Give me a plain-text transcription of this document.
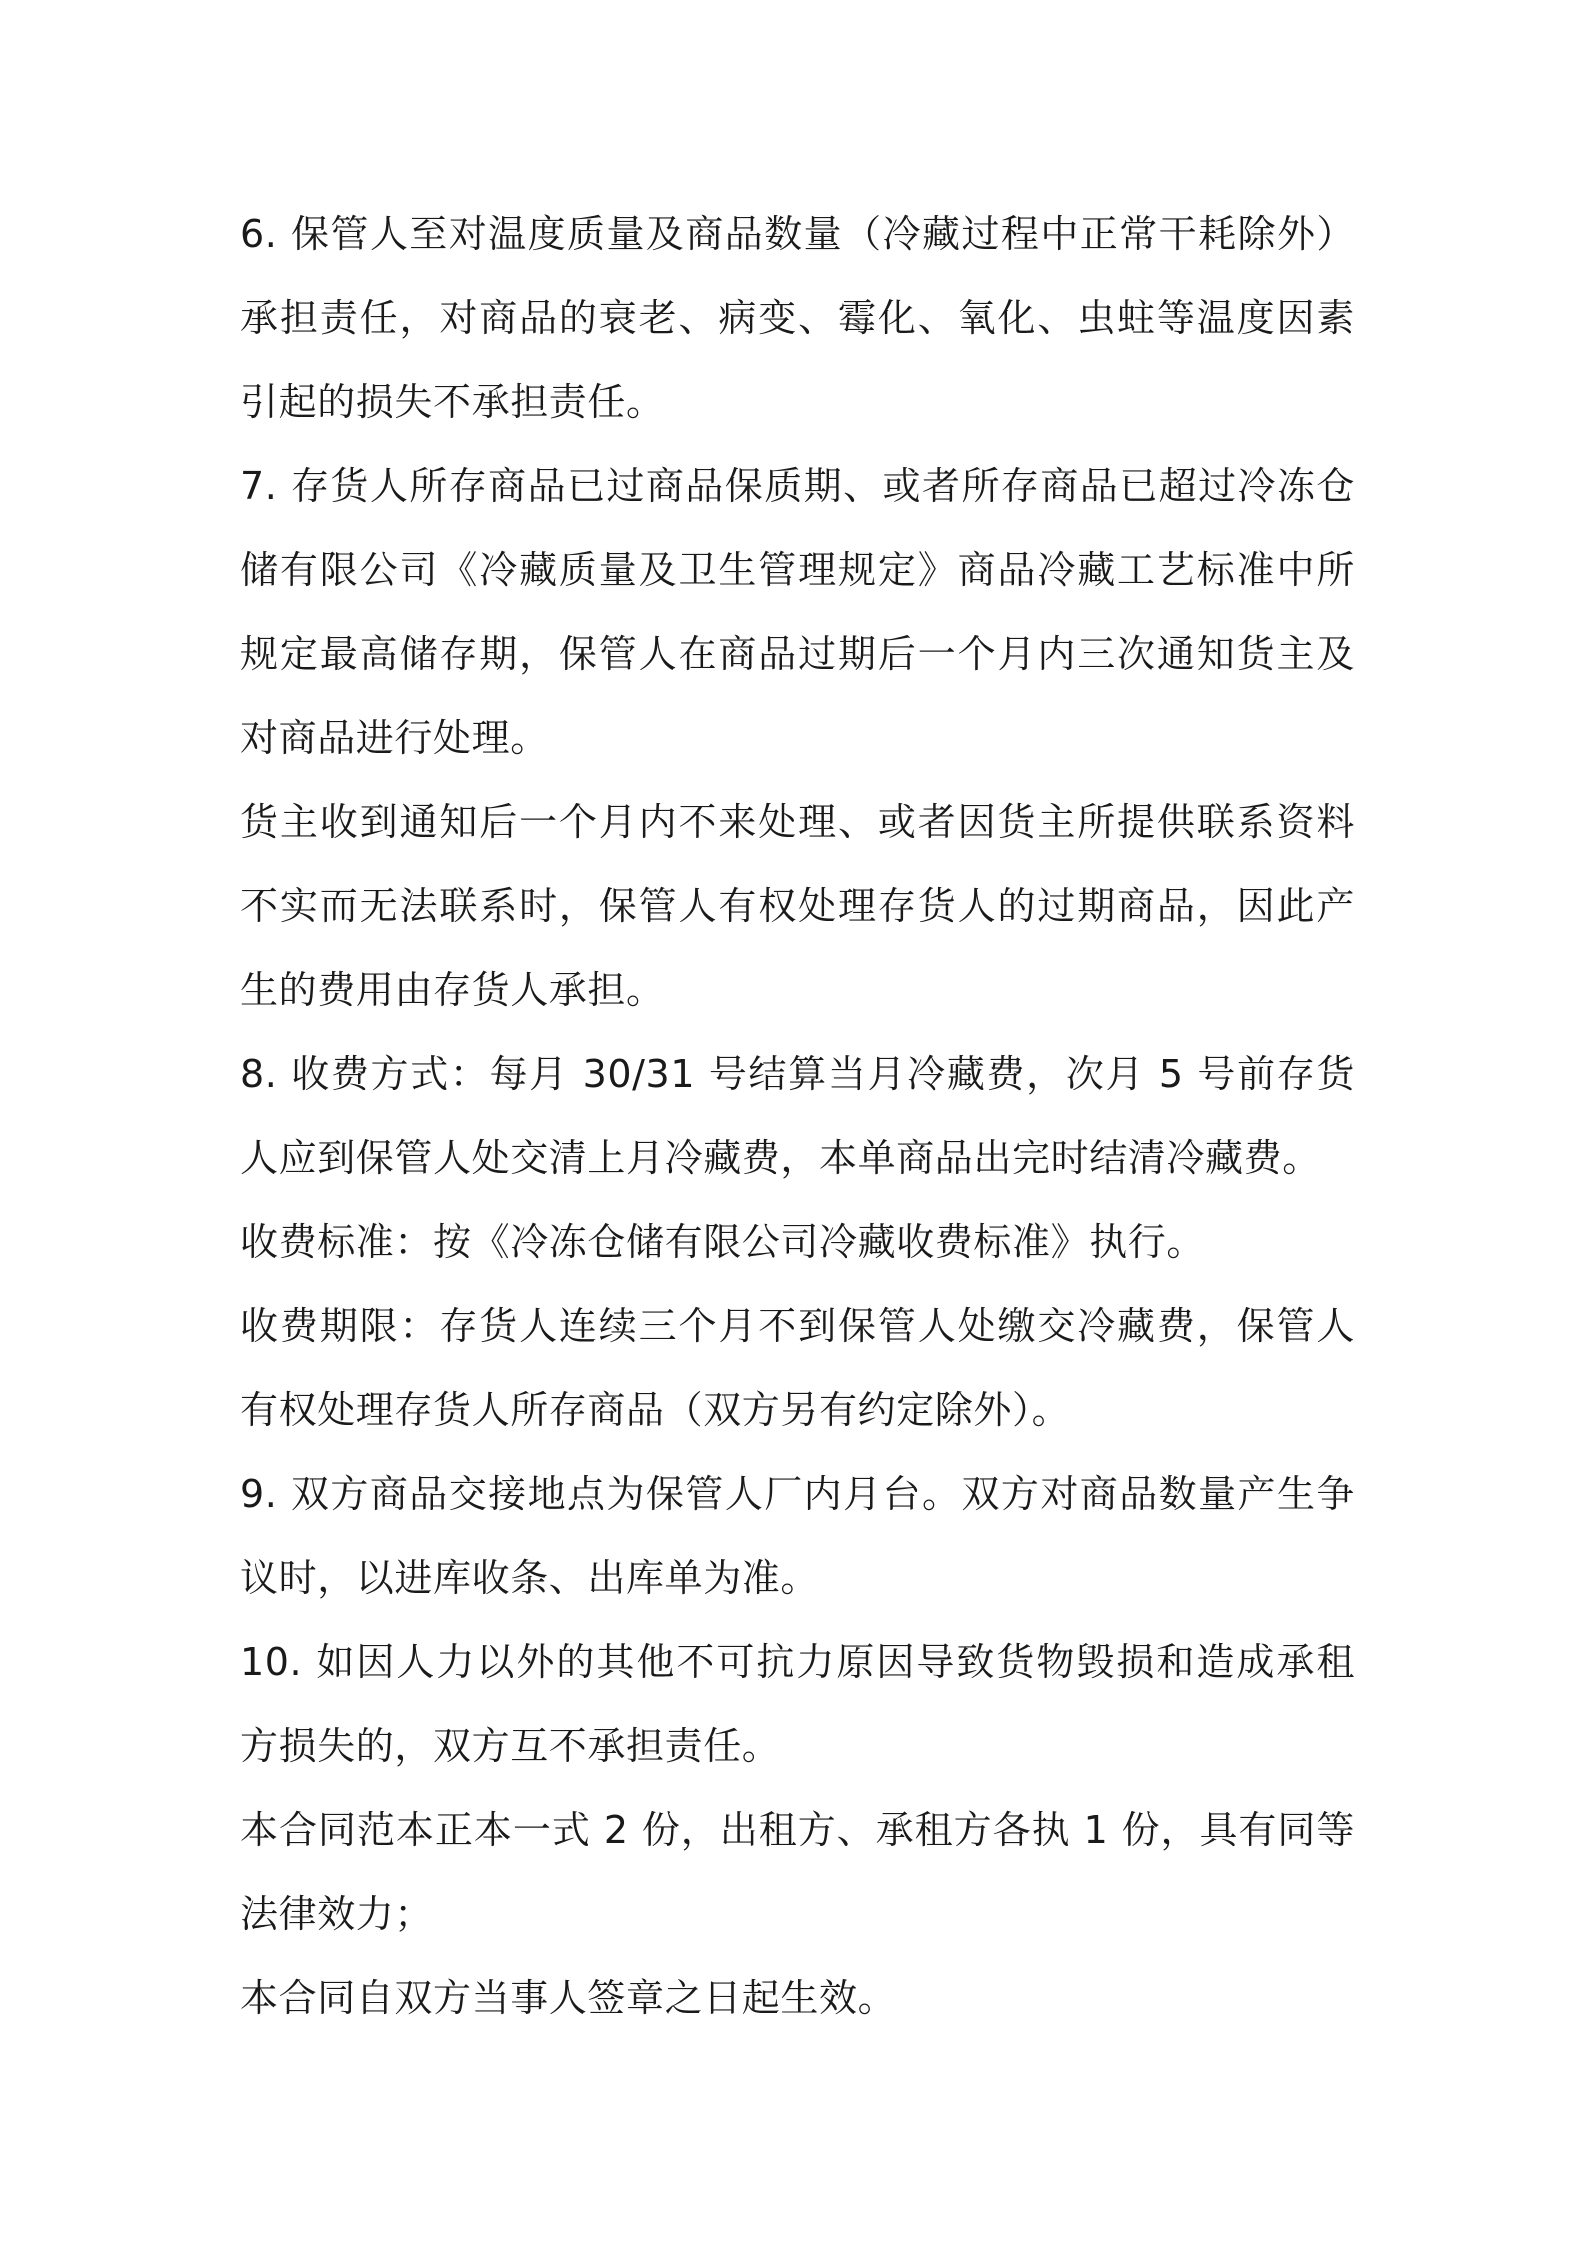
6. 保管人至对温度质量及商品数量（冷藏过程中正常干耗除外）承担责任，对商品的衰老、病变、霉化、氧化、虫蛀等温度因素引起的损失不承担责任。

7. 存货人所存商品已过商品保质期、或者所存商品已超过冷冻仓储有限公司《冷藏质量及卫生管理规定》商品冷藏工艺标准中所规定最高储存期，保管人在商品过期后一个月内三次通知货主及对商品进行处理。

货主收到通知后一个月内不来处理、或者因货主所提供联系资料不实而无法联系时，保管人有权处理存货人的过期商品，因此产生的费用由存货人承担。

8. 收费方式：每月 30/31 号结算当月冷藏费，次月 5 号前存货人应到保管人处交清上月冷藏费，本单商品出完时结清冷藏费。

收费标准：按《冷冻仓储有限公司冷藏收费标准》执行。

收费期限：存货人连续三个月不到保管人处缴交冷藏费，保管人有权处理存货人所存商品（双方另有约定除外）。

9. 双方商品交接地点为保管人厂内月台。双方对商品数量产生争议时，以进库收条、出库单为准。

10. 如因人力以外的其他不可抗力原因导致货物毁损和造成承租方损失的，双方互不承担责任。

本合同范本正本一式 2 份，出租方、承租方各执 1 份，具有同等法律效力；

本合同自双方当事人签章之日起生效。
